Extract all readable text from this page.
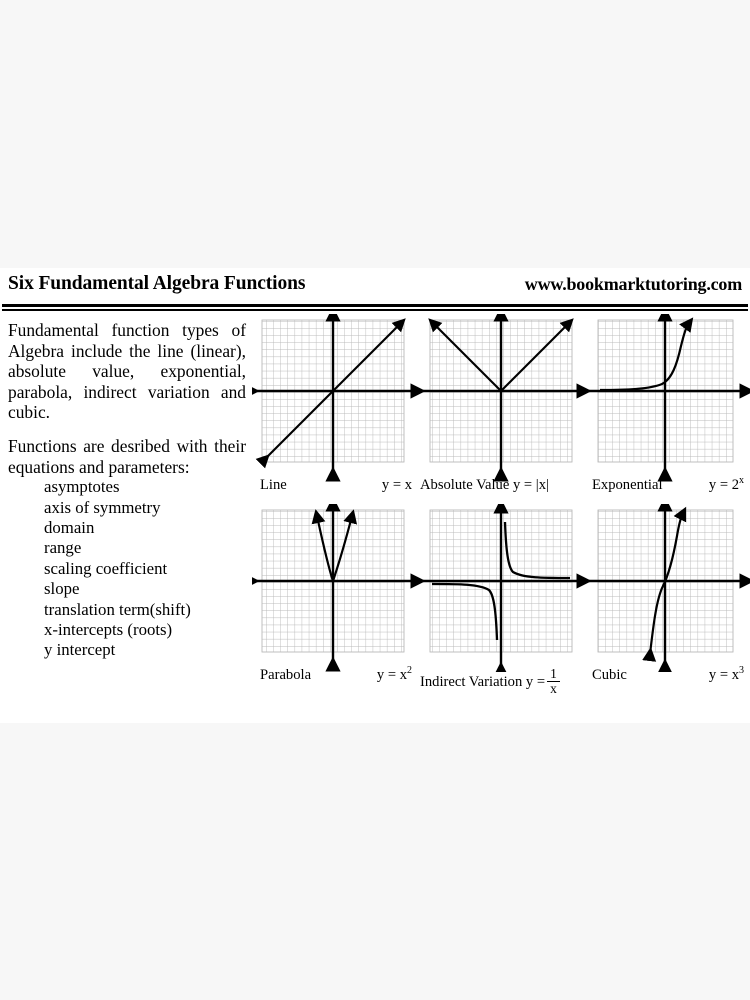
Six Fundamental Algebra Functions	www.bookmarktutoring.com

Fundamental function types of Algebra include the line (linear), absolute value, exponential, parabola, indirect variation and cubic.

Functions are desribed with their equations and parameters:

asymptotes
axis of symmetry
domain
range
scaling coefficient
slope
translation term(shift)
x-intercepts (roots)
y intercept
Line	y = x Absolute Value y = |x|	Exponential	$y = 2^x$
Parabola	$y = x^2$
Indirect Variation $y = \frac{1}{x}$ Cubic	$y = x^3$
